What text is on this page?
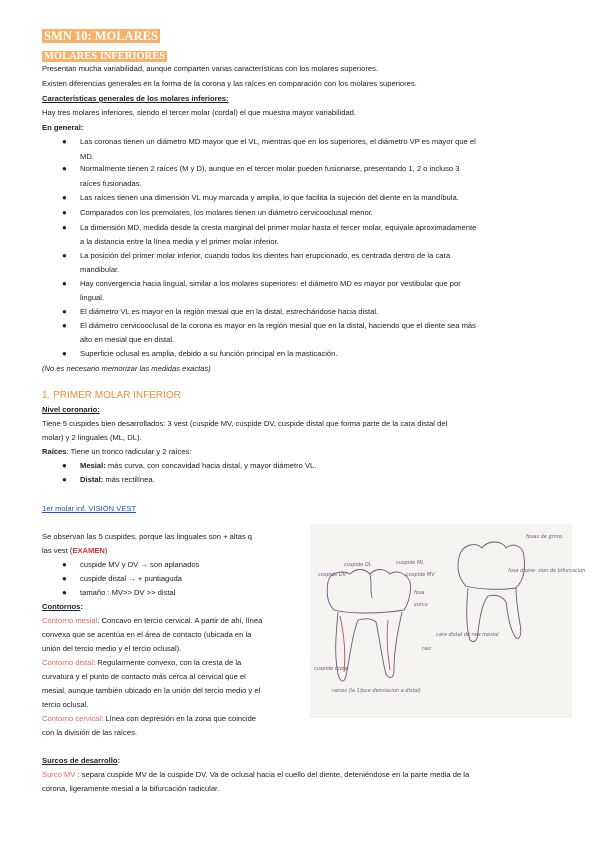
SMN 10: MOLARES
MOLARES INFERIORES
Presentan mucha variabilidad, aunque comparten varias características con los molares superiores.
Existen diferencias generales en la forma de la corona y las raíces en comparación con los molares superiores.
Características generales de los molares inferiores:
Hay tres molares inferiores, siendo el tercer molar (cordal) el que muestra mayor variabilidad.
En general:
● Las coronas tienen un diámetro MD mayor que el VL, mientras que en los superiores, el diámetro VP es mayor que el
MD.
● Normalmente tienen 2 raíces (M y D), aunque en el tercer molar pueden fusionarse, presentando 1, 2 o incluso 3
raíces fusionadas.
● Las raíces tienen una dimensión VL muy marcada y amplia, lo que facilita la sujeción del diente en la mandíbula.
● Comparados con los premolares, los molares tienen un diámetro cervicooclusal menor.
● La dimensión MD, medida desde la cresta marginal del primer molar hasta el tercer molar, equivale aproximadamente
a la distancia entre la línea media y el primer molar inferior.
● La posición del primer molar inferior, cuando todos los dientes han erupcionado, es centrada dentro de la cara
mandibular.
● Hay convergencia hacia lingual, similar a los molares superiores: el diámetro MD es mayor por vestibular que por
lingual.
● El diámetro VL es mayor en la región mesial que en la distal, estrechándose hacia distal.
● El diámetro cervicooclusal de la corona es mayor en la región mesial que en la distal, haciendo que el diente sea más
alto en mesial que en distal.
● Superficie oclusal es amplia, debido a su función principal en la masticación.
(No es necesario memorizar las medidas exactas)
1. PRIMER MOLAR INFERIOR
Nivel coronario:
Tiene 5 cuspides bien desarrollados: 3 vest (cuspide MV, cuspide DV, cuspide distal que forma parte de la cara distal del
molar) y 2 linguales (ML, DL).
Raíces: Tiene un tronco radicular y 2 raíces:
● Mesial: más curva, con concavidad hacia distal, y mayor diámetro VL.
● Distal: más rectilínea.
1er molar inf. VISION VEST
Se observan las 5 cuspides, porque las linguales son + altas q
las vest (EXAMEN)
● cuspide MV y DV → son aplanados
● cuspide distal → + puntiaguda
● tamaño : MV>> DV >> distal
Contornos:
Contorno mesial: Concavo en tercio cervical. A partir de ahí, línea
convexa que se acentúa en el área de contacto (ubicada en la
unión del tercio medio y el tercio oclusal).
Contorno distal: Regularmente convexo, con la cresta de la
curvatura y el punto de contacto más cerca al cervical que el
mesial, aunque también ubicado en la unión del tercio medio y el
tercio oclusal.
Contorno cervical: Línea con depresión en la zona que coincide
con la división de las raíces.
Surcos de desarrollo:
Surco MV : separa cuspide MV de la cuspide DV. Va de oclusal hacia el cuello del diente, deteniéndose en la parte media de la
corona, ligeramente mesial a la bifurcación radicular.
cuspide DL	cuspide ML
cuspide MV
cuspide DV
cuspide distal
fosa
surco
raiz
raices (la 1/pue desviacion a distal)
fosas de grmo.
fosa depre- sion de bifurcacion
cara distal de raiz mesial
